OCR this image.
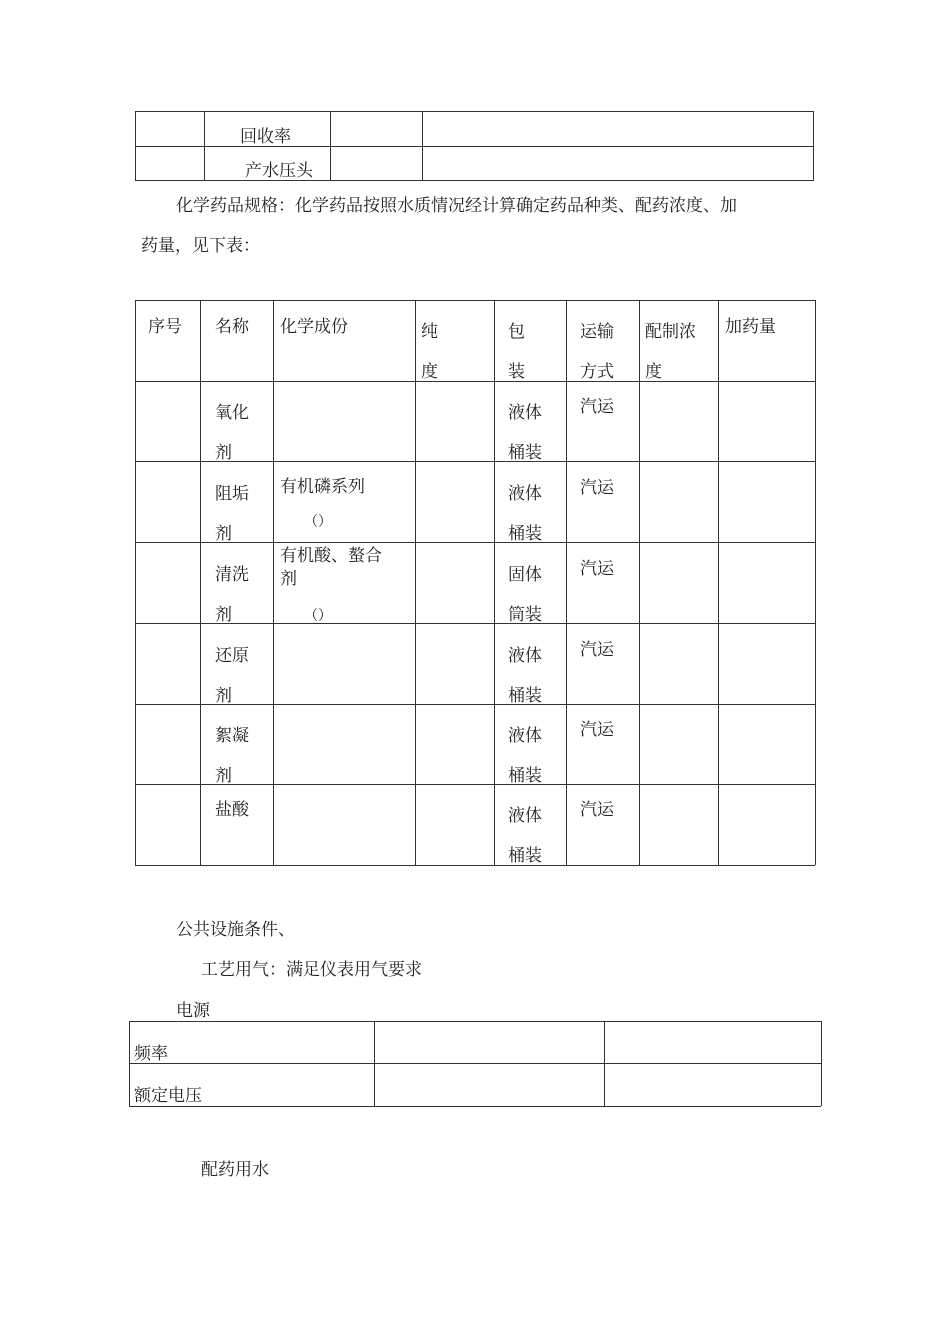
回收率
产水压头
化学药品规格：化学药品按照水质情况经计算确定药品种类、配药浓度、加
药量，见下表：
序号 名称 化学成份	纯
度
包
装
运输
方式
配制浓
度
加药量
氧化
剂
液体
桶装
汽运
阻垢
剂
有机磷系列
（）
液体
桶装
汽运
清洗
剂
有机酸、螯合
剂
（）
固体
筒装
汽运
还原
剂
液体
桶装
汽运
絮凝
剂
液体
桶装
汽运
盐酸	液体
桶装
汽运
公共设施条件、
工艺用气：满足仪表用气要求
电源
频率
额定电压
配药用水
